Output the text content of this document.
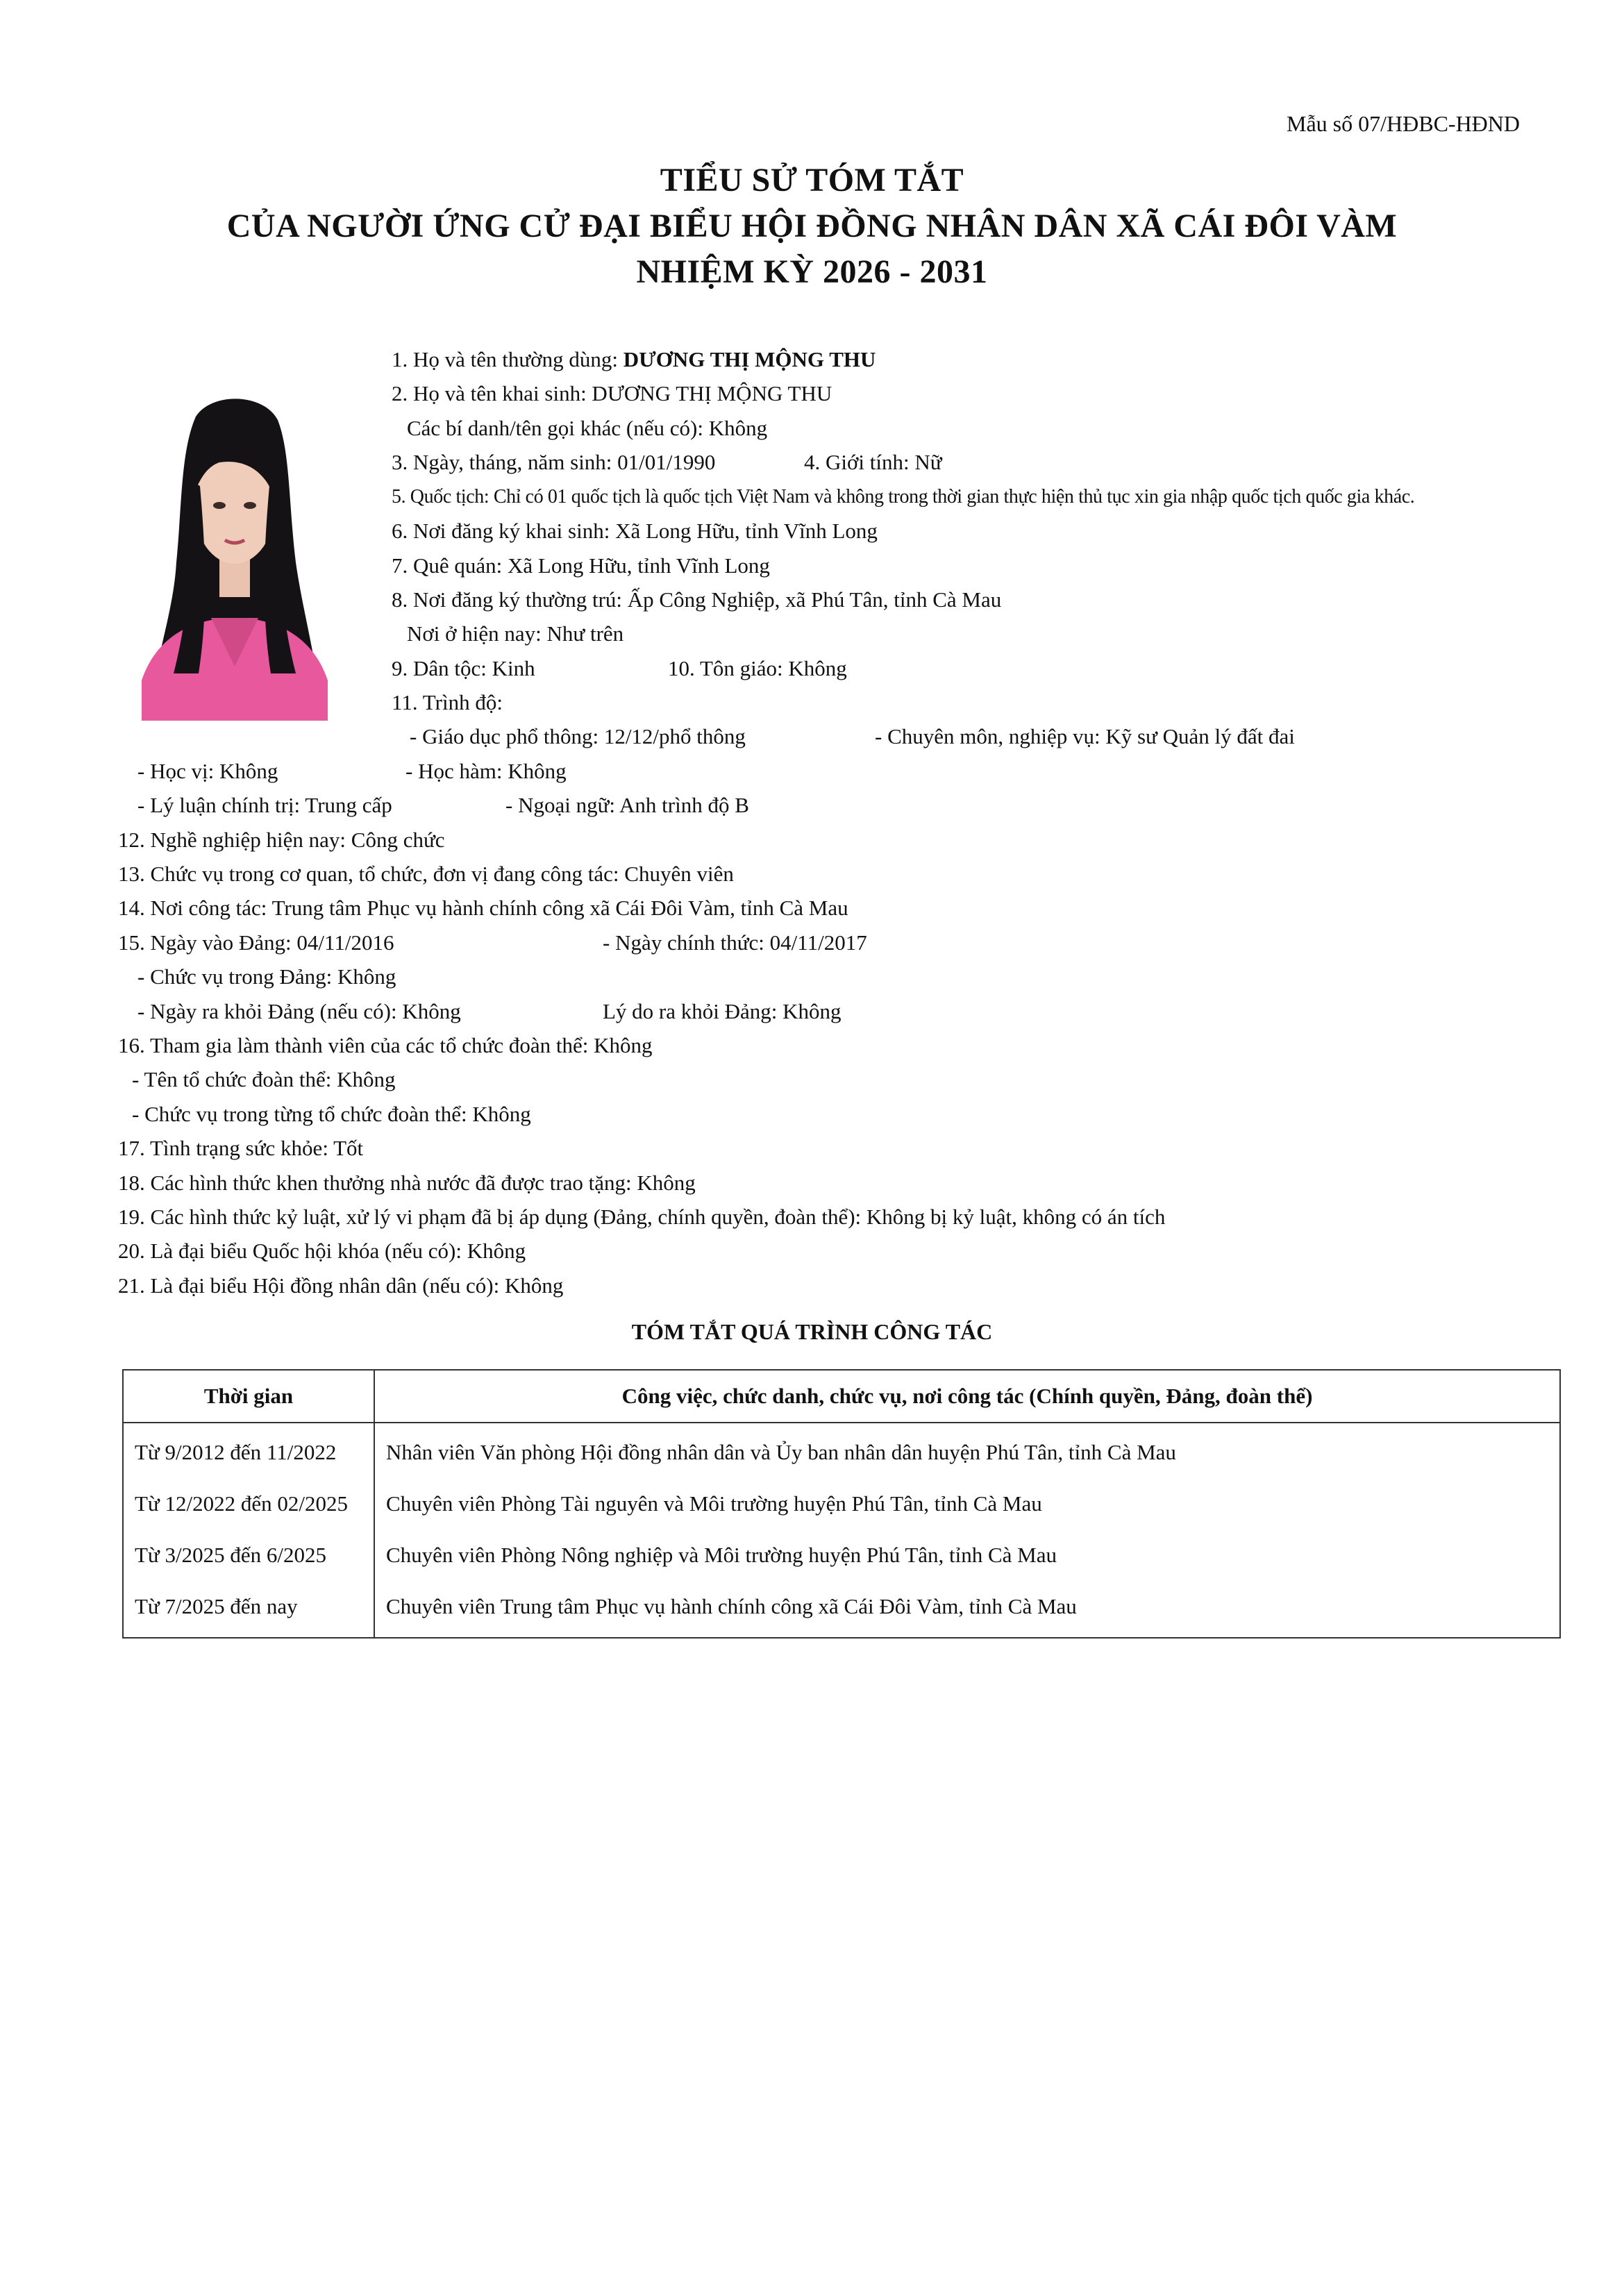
Mẫu số 07/HĐBC-HĐND
TIỂU SỬ TÓM TẮT
CỦA NGƯỜI ỨNG CỬ ĐẠI BIỂU HỘI ĐỒNG NHÂN DÂN XÃ CÁI ĐÔI VÀM
NHIỆM KỲ 2026 - 2031
1. Họ và tên thường dùng: DƯƠNG THỊ MỘNG THU
2. Họ và tên khai sinh: DƯƠNG THỊ MỘNG THU
Các bí danh/tên gọi khác (nếu có): Không
3. Ngày, tháng, năm sinh: 01/01/1990	4. Giới tính: Nữ
5. Quốc tịch: Chỉ có 01 quốc tịch là quốc tịch Việt Nam và không trong thời gian thực hiện thủ tục xin gia nhập quốc tịch quốc gia khác.
6. Nơi đăng ký khai sinh: Xã Long Hữu, tỉnh Vĩnh Long
7. Quê quán: Xã Long Hữu, tỉnh Vĩnh Long
8. Nơi đăng ký thường trú: Ấp Công Nghiệp, xã Phú Tân, tỉnh Cà Mau
Nơi ở hiện nay: Như trên
9. Dân tộc: Kinh	10. Tôn giáo: Không
11. Trình độ:
- Giáo dục phổ thông: 12/12/phổ thông	- Chuyên môn, nghiệp vụ: Kỹ sư Quản lý đất đai
- Học vị: Không	- Học hàm: Không
- Lý luận chính trị: Trung cấp	- Ngoại ngữ: Anh trình độ B
12. Nghề nghiệp hiện nay: Công chức
13. Chức vụ trong cơ quan, tổ chức, đơn vị đang công tác: Chuyên viên
14. Nơi công tác: Trung tâm Phục vụ hành chính công xã Cái Đôi Vàm, tỉnh Cà Mau
15. Ngày vào Đảng: 04/11/2016	- Ngày chính thức: 04/11/2017
- Chức vụ trong Đảng: Không
- Ngày ra khỏi Đảng (nếu có): Không	Lý do ra khỏi Đảng: Không
16. Tham gia làm thành viên của các tổ chức đoàn thể: Không
- Tên tổ chức đoàn thể: Không
- Chức vụ trong từng tổ chức đoàn thể: Không
17. Tình trạng sức khỏe: Tốt
18. Các hình thức khen thưởng nhà nước đã được trao tặng: Không
19. Các hình thức kỷ luật, xử lý vi phạm đã bị áp dụng (Đảng, chính quyền, đoàn thể): Không bị kỷ luật, không có án tích
20. Là đại biểu Quốc hội khóa (nếu có): Không
21. Là đại biểu Hội đồng nhân dân (nếu có): Không
TÓM TẮT QUÁ TRÌNH CÔNG TÁC
Thời gian	Công việc, chức danh, chức vụ, nơi công tác (Chính quyền, Đảng, đoàn thể)
Từ 9/2012 đến 11/2022	Nhân viên Văn phòng Hội đồng nhân dân và Ủy ban nhân dân huyện Phú Tân, tỉnh Cà Mau
Từ 12/2022 đến 02/2025	Chuyên viên Phòng Tài nguyên và Môi trường huyện Phú Tân, tỉnh Cà Mau
Từ 3/2025 đến 6/2025	Chuyên viên Phòng Nông nghiệp và Môi trường huyện Phú Tân, tỉnh Cà Mau
Từ 7/2025 đến nay	Chuyên viên Trung tâm Phục vụ hành chính công xã Cái Đôi Vàm, tỉnh Cà Mau
